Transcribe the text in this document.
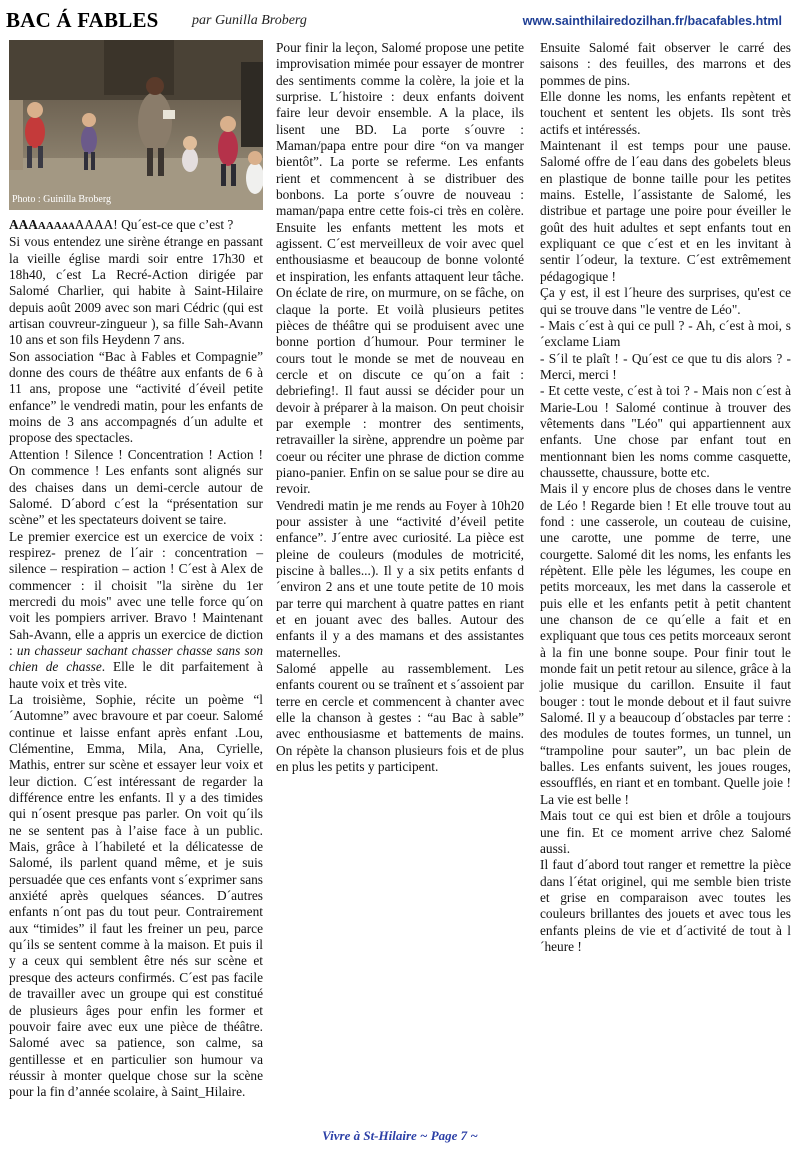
BAC Á FABLES par Gunilla Broberg	www.sainthilairedozilhan.fr/bacafables.html
Photo : Guinilla Broberg

AAAAAAAAAAAA! Qu´est-ce que c’est ?

Si vous entendez une sirène étrange en passant la vieille église mardi soir entre 17h30 et 18h40, c´est La Recré-Action dirigée par Salomé Charlier, qui habite à Saint-Hilaire depuis août 2009 avec son mari Cédric (qui est artisan couvreur-zingueur ), sa fille Sah-Avann 10 ans et son fils Heydenn 7 ans.

Son association “Bac à Fables et Compagnie” donne des cours de théâtre aux enfants de 6 à 11 ans, propose une “activité d´éveil petite enfance” le vendredi matin, pour les enfants de moins de 3 ans accompagnés d´un adulte et propose des spectacles.

Attention ! Silence ! Concentration ! Action ! On commence ! Les enfants sont alignés sur des chaises dans un demi-cercle autour de Salomé. D´abord c´est la “présentation sur scène” et les spectateurs doivent se taire.

Le premier exercice est un exercice de voix : respirez- prenez de l´air : concentration – silence – respiration – action ! C´est à Alex de commencer : il choisit "la sirène du 1er mercredi du mois" avec une telle force qu´on voit les pompiers arriver. Bravo ! Maintenant Sah-Avann, elle a appris un exercice de diction : un chasseur sachant chasser chasse sans son chien de chasse. Elle le dit parfaitement à haute voix et très vite.

La troisième, Sophie, récite un poème “l´Automne” avec bravoure et par coeur. Salomé continue et laisse enfant après enfant .Lou, Clémentine, Emma, Mila, Ana, Cyrielle, Mathis, entrer sur scène et essayer leur voix et leur diction. C´est intéressant de regarder la différence entre les enfants. Il y a des timides qui n´osent presque pas parler. On voit qu´ils ne se sentent pas à l’aise face à un public. Mais, grâce à l´habileté et la délicatesse de Salomé, ils parlent quand même, et je suis persuadée que ces enfants vont s´exprimer sans anxiété après quelques séances. D´autres enfants n´ont pas du tout peur. Contrairement aux “timides” il faut les freiner un peu, parce qu´ils se sentent comme à la maison. Et puis il y a ceux qui semblent être nés sur scène et presque des acteurs confirmés. C´est pas facile de travailler avec un groupe qui est constitué de plusieurs âges pour enfin les former et pouvoir faire avec eux une pièce de théâtre. Salomé avec sa patience, son calme, sa gentillesse et en particulier son humour va réussir à monter quelque chose sur la scène pour la fin d’année scolaire, à Saint_Hilaire.

Pour finir la leçon, Salomé propose une petite improvisation mimée pour essayer de montrer des sentiments comme la colère, la joie et la surprise. L´histoire : deux enfants doivent faire leur devoir ensemble. A la place, ils lisent une BD. La porte s´ouvre : Maman/papa entre pour dire “on va manger bientôt”. La porte se referme. Les enfants rient et commencent à se distribuer des bonbons. La porte s´ouvre de nouveau : maman/papa entre cette fois-ci très en colère. Ensuite les enfants mettent les mots et agissent. C´est merveilleux de voir avec quel enthousiasme et beaucoup de bonne volonté et inspiration, les enfants attaquent leur tâche. On éclate de rire, on murmure, on se fâche, on claque la porte. Et voilà plusieurs petites pièces de théâtre qui se produisent avec une bonne portion d´humour. Pour terminer le cours tout le monde se met de nouveau en cercle et on discute ce qu´on a fait : debriefing!. Il faut aussi se décider pour un devoir à préparer à la maison. On peut choisir par exemple : montrer des sentiments, retravailler la sirène, apprendre un poème par coeur ou réciter une phrase de diction comme piano-panier. Enfin on se salue pour se dire au revoir.

Vendredi matin je me rends au Foyer à 10h20 pour assister à une “activité d’éveil petite enfance”. J´entre avec curiosité. La pièce est pleine de couleurs (modules de motricité, piscine à balles...). Il y a six petits enfants d´environ 2 ans et une toute petite de 10 mois par terre qui marchent à quatre pattes en riant et en jouant avec des balles. Autour des enfants il y a des mamans et des assistantes maternelles.

Salomé appelle au rassemblement. Les enfants courent ou se traînent et s´assoient par terre en cercle et commencent à chanter avec elle la chanson à gestes : “au Bac à sable” avec enthousiasme et battements de mains. On répète la chanson plusieurs fois et de plus en plus les petits y participent.

Ensuite Salomé fait observer le carré des saisons : des feuilles, des marrons et des pommes de pins.

Elle donne les noms, les enfants repètent et touchent et sentent les objets. Ils sont très actifs et intéressés.

Maintenant il est temps pour une pause. Salomé offre de l´eau dans des gobelets bleus en plastique de bonne taille pour les petites mains. Estelle, l´assistante de Salomé, les distribue et partage une poire pour éveiller le goût des huit adultes et sept enfants tout en expliquant ce que c´est et en les invitant à sentir l´odeur, la texture. C´est extrêmement pédagogique !

Ça y est, il est l´heure des surprises, qu'est ce qui se trouve dans "le ventre de Léo".

- Mais c´est à qui ce pull ? - Ah, c´est à moi, s´exclame Liam

- S´il te plaît ! - Qu´est ce que tu dis alors ? - Merci, merci !

- Et cette veste, c´est à toi ? - Mais non c´est à Marie-Lou ! Salomé continue à trouver des vêtements dans "Léo" qui appartiennent aux enfants. Une chose par enfant tout en mentionnant bien les noms comme casquette, chaussette, chaussure, botte etc.

Mais il y encore plus de choses dans le ventre de Léo ! Regarde bien ! Et elle trouve tout au fond : une casserole, un couteau de cuisine, une carotte, une pomme de terre, une courgette. Salomé dit les noms, les enfants les répètent. Elle pèle les légumes, les coupe en petits morceaux, les met dans la casserole et puis elle et les enfants petit à petit chantent une chanson de ce qu´elle a fait et en expliquant que tous ces petits morceaux seront à la fin une bonne soupe. Pour finir tout le monde fait un petit retour au silence, grâce à la jolie musique du carillon. Ensuite il faut bouger : tout le monde debout et il faut suivre Salomé. Il y a beaucoup d´obstacles par terre : des modules de toutes formes, un tunnel, un “trampoline pour sauter”, un bac plein de balles. Les enfants suivent, les joues rouges, essoufflés, en riant et en tombant. Quelle joie ! La vie est belle !

Mais tout ce qui est bien et drôle a toujours une fin. Et ce moment arrive chez Salomé aussi.

Il faut d´abord tout ranger et remettre la pièce dans l´état originel, qui me semble bien triste et grise en comparaison avec toutes les couleurs brillantes des jouets et avec tous les enfants pleins de vie et d´activité de tout à l´heure !

Vivre à St-Hilaire ~ Page 7 ~
